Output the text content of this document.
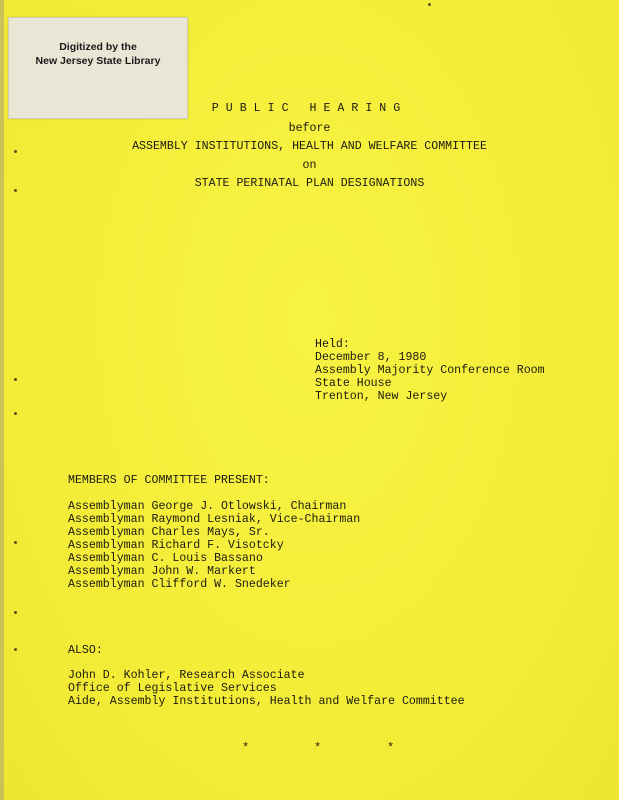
Digitized by the
New Jersey State Library
PUBLIC HEARING
before
ASSEMBLY INSTITUTIONS, HEALTH AND WELFARE COMMITTEE
on
STATE PERINATAL PLAN DESIGNATIONS
Held:
December 8, 1980
Assembly Majority Conference Room
State House
Trenton, New Jersey
MEMBERS OF COMMITTEE PRESENT:
Assemblyman George J. Otlowski, Chairman
Assemblyman Raymond Lesniak, Vice-Chairman
Assemblyman Charles Mays, Sr.
Assemblyman Richard F. Visotcky
Assemblyman C. Louis Bassano
Assemblyman John W. Markert
Assemblyman Clifford W. Snedeker
ALSO:
John D. Kohler, Research Associate
Office of Legislative Services
Aide, Assembly Institutions, Health and Welfare Committee
*	*	*
